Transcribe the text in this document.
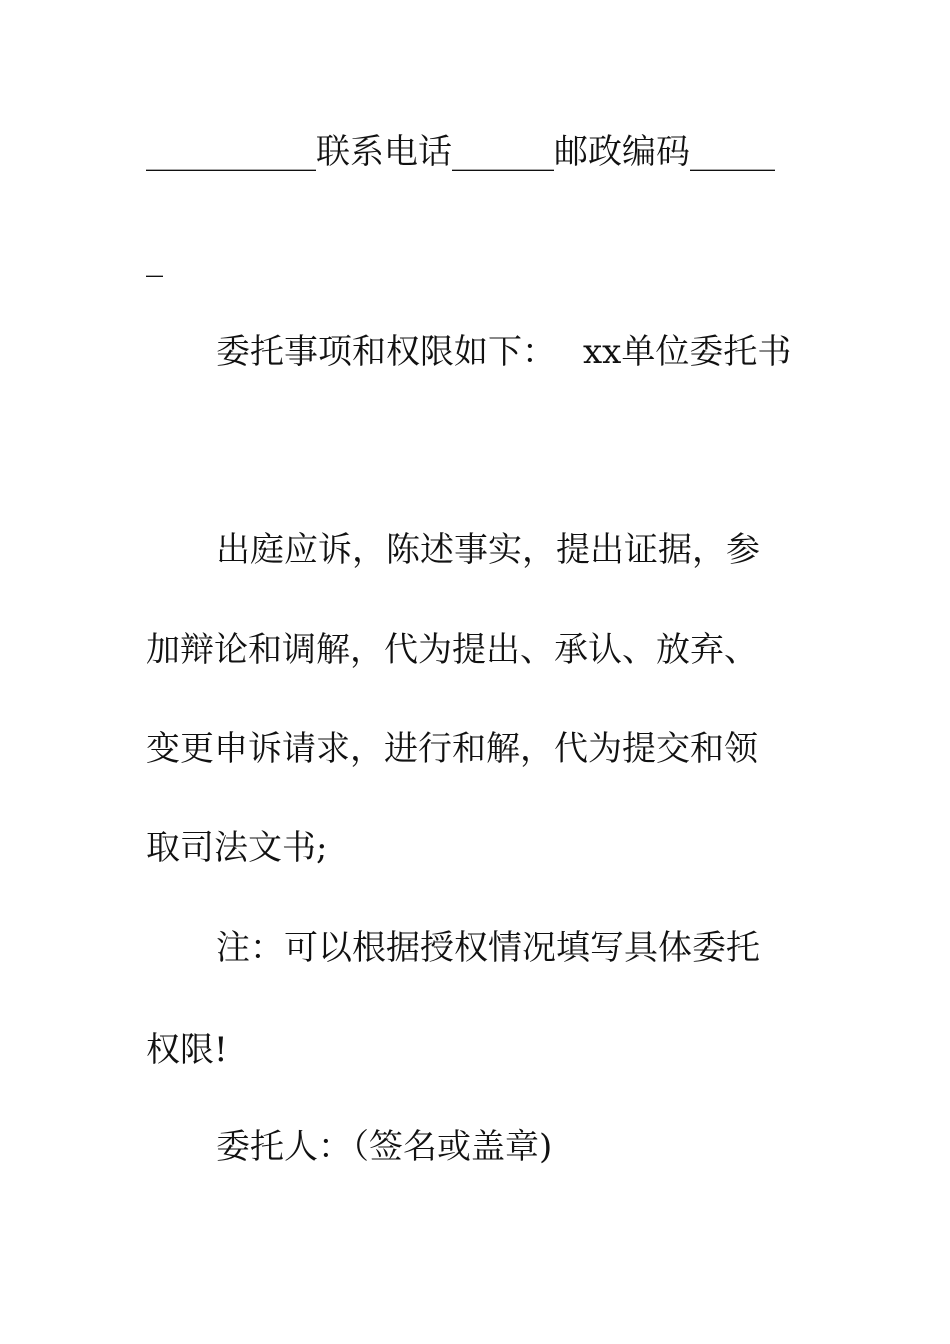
__________联系电话______邮政编码_____
_
委托事项和权限如下： xx单位委托书
出庭应诉，陈述事实，提出证据，参
加辩论和调解，代为提出、承认、放弃、
变更申诉请求，进行和解，代为提交和领
取司法文书;
注：可以根据授权情况填写具体委托
权限!
委托人：（签名或盖章)
